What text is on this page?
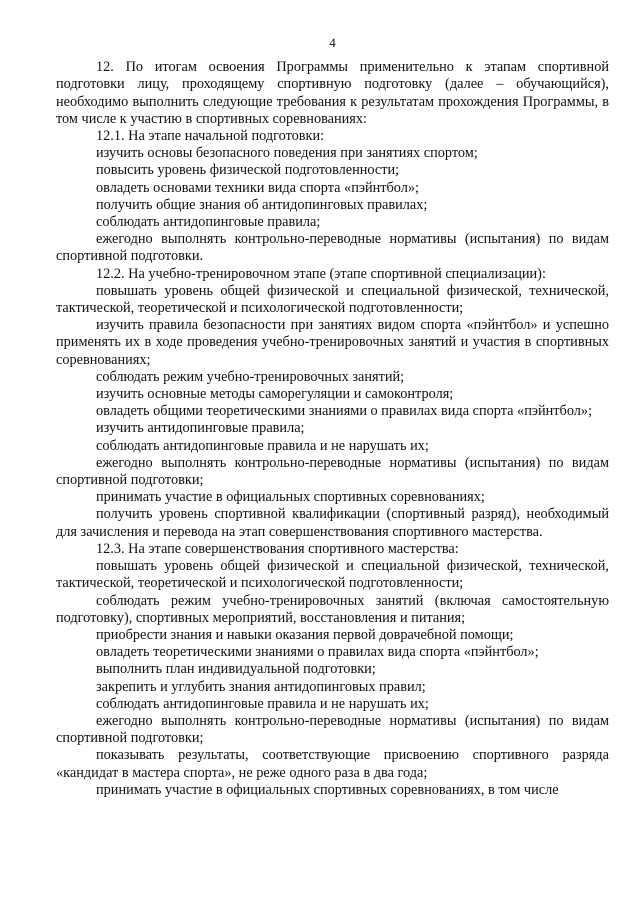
4

12. По итогам освоения Программы применительно к этапам спортивной подготовки лицу, проходящему спортивную подготовку (далее – обучающийся), необходимо выполнить следующие требования к результатам прохождения Программы, в том числе к участию в спортивных соревнованиях:

12.1. На этапе начальной подготовки:

изучить основы безопасного поведения при занятиях спортом;

повысить уровень физической подготовленности;

овладеть основами техники вида спорта «пэйнтбол»;

получить общие знания об антидопинговых правилах;

соблюдать антидопинговые правила;

ежегодно выполнять контрольно-переводные нормативы (испытания) по видам спортивной подготовки.

12.2. На учебно-тренировочном этапе (этапе спортивной специализации):

повышать уровень общей физической и специальной физической, технической, тактической, теоретической и психологической подготовленности;

изучить правила безопасности при занятиях видом спорта «пэйнтбол» и успешно применять их в ходе проведения учебно-тренировочных занятий и участия в спортивных соревнованиях;

соблюдать режим учебно-тренировочных занятий;

изучить основные методы саморегуляции и самоконтроля;

овладеть общими теоретическими знаниями о правилах вида спорта «пэйнтбол»;

изучить антидопинговые правила;

соблюдать антидопинговые правила и не нарушать их;

ежегодно выполнять контрольно-переводные нормативы (испытания) по видам спортивной подготовки;

принимать участие в официальных спортивных соревнованиях;

получить уровень спортивной квалификации (спортивный разряд), необходимый для зачисления и перевода на этап совершенствования спортивного мастерства.

12.3. На этапе совершенствования спортивного мастерства:

повышать уровень общей физической и специальной физической, технической, тактической, теоретической и психологической подготовленности;

соблюдать режим учебно-тренировочных занятий (включая самостоятельную подготовку), спортивных мероприятий, восстановления и питания;

приобрести знания и навыки оказания первой доврачебной помощи;

овладеть теоретическими знаниями о правилах вида спорта «пэйнтбол»;

выполнить план индивидуальной подготовки;

закрепить и углубить знания антидопинговых правил;

соблюдать антидопинговые правила и не нарушать их;

ежегодно выполнять контрольно-переводные нормативы (испытания) по видам спортивной подготовки;

показывать результаты, соответствующие присвоению спортивного разряда «кандидат в мастера спорта», не реже одного раза в два года;

принимать участие в официальных спортивных соревнованиях, в том числе
